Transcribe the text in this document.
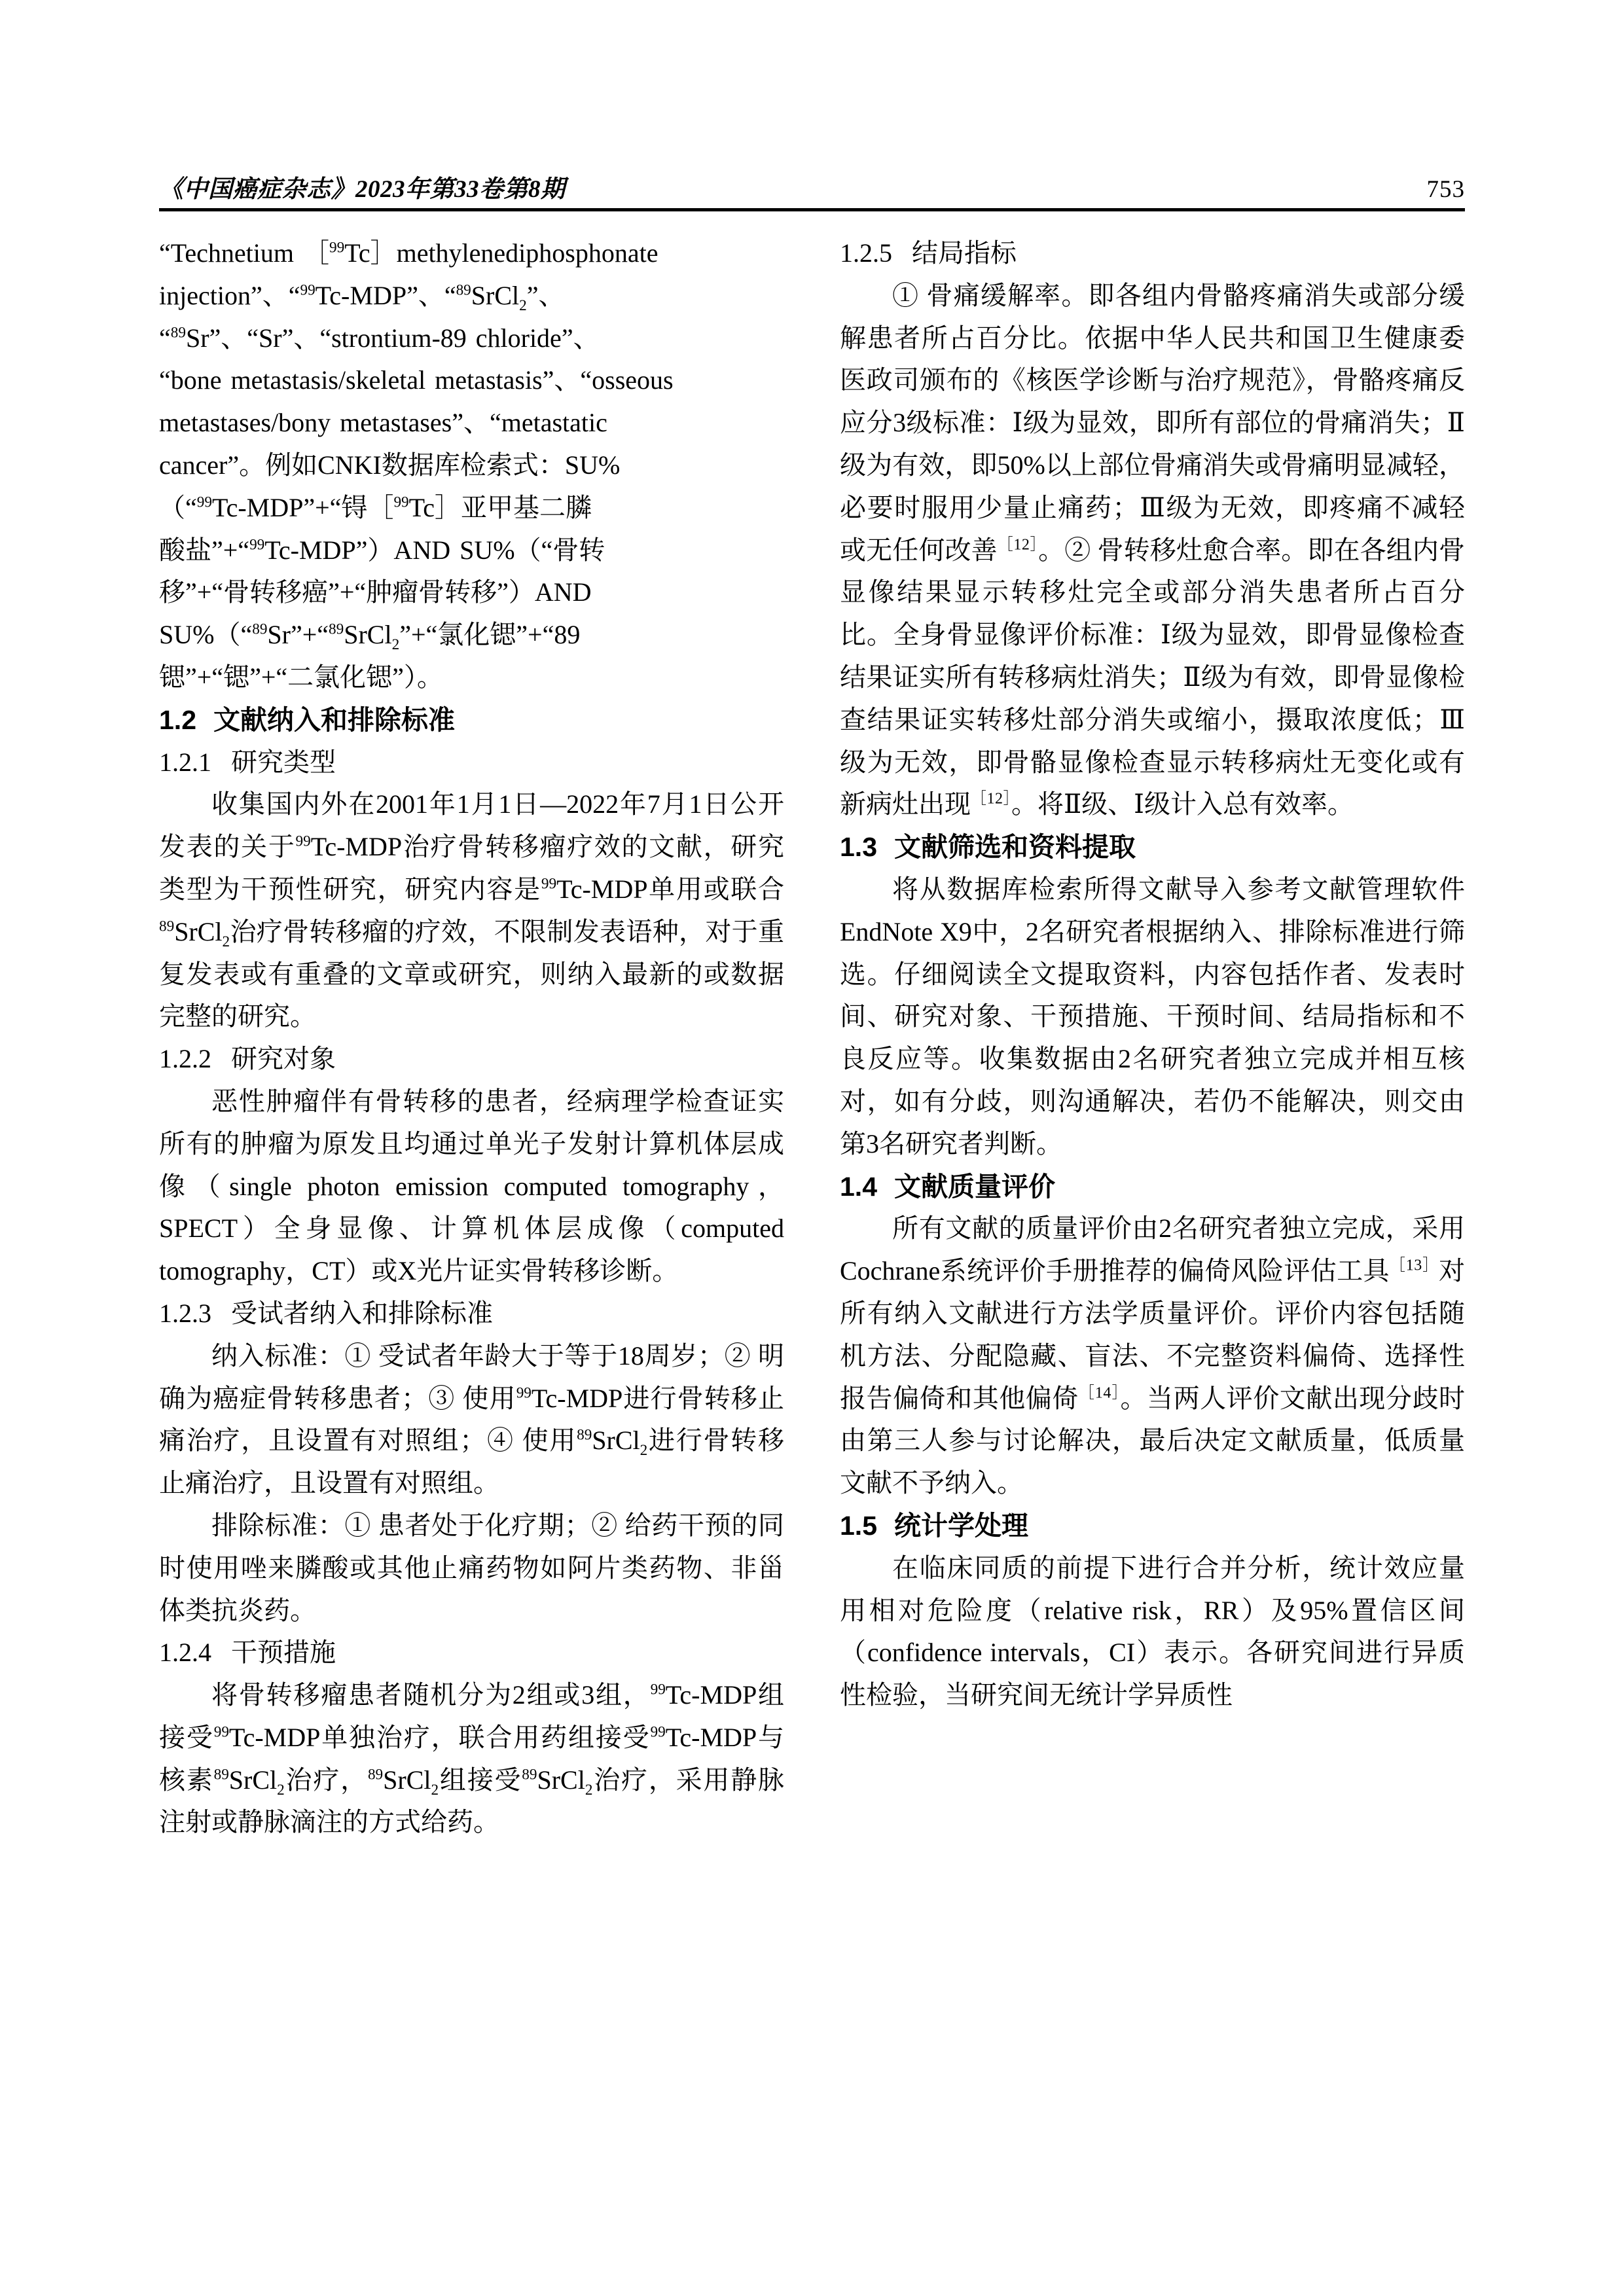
《中国癌症杂志》2023年第33卷第8期	753

“Technetium ［$^{99}$Tc］methylenediphosphonate
injection”、“$^{99}$Tc-MDP”、“$^{89}$SrCl$_2$”、
“$^{89}$Sr”、“Sr”、“strontium-89 chloride”、
“bone metastasis/skeletal metastasis”、“osseous
metastases/bony metastases”、“metastatic
cancer”。例如CNKI数据库检索式：SU%
（“$^{99}$Tc-MDP”+“锝［$^{99}$Tc］亚甲基二膦
酸盐”+“$^{99}$Tc-MDP”）AND SU%（“骨转
移”+“骨转移癌”+“肿瘤骨转移”）AND
SU%（“$^{89}$Sr”+“$^{89}$SrCl$_2$”+“氯化锶”+“89
锶”+“锶”+“二氯化锶”）。

1.2 文献纳入和排除标准
1.2.1 研究类型

收集国内外在2001年1月1日—2022年7月1日公开发表的关于$^{99}$Tc-MDP治疗骨转移瘤疗效的文献，研究类型为干预性研究，研究内容是$^{99}$Tc-MDP单用或联合$^{89}$SrCl$_2$治疗骨转移瘤的疗效，不限制发表语种，对于重复发表或有重叠的文章或研究，则纳入最新的或数据完整的研究。

1.2.2 研究对象

恶性肿瘤伴有骨转移的患者，经病理学检查证实所有的肿瘤为原发且均通过单光子发射计算机体层成像（single photon emission computed tomography，SPECT）全身显像、计算机体层成像（computed tomography，CT）或X光片证实骨转移诊断。

1.2.3 受试者纳入和排除标准

纳入标准：① 受试者年龄大于等于18周岁；② 明确为癌症骨转移患者；③ 使用$^{99}$Tc-MDP进行骨转移止痛治疗，且设置有对照组；④ 使用$^{89}$SrCl$_2$进行骨转移止痛治疗，且设置有对照组。

排除标准：① 患者处于化疗期；② 给药干预的同时使用唑来膦酸或其他止痛药物如阿片类药物、非甾体类抗炎药。

1.2.4 干预措施

将骨转移瘤患者随机分为2组或3组，$^{99}$Tc-MDP组接受$^{99}$Tc-MDP单独治疗，联合用药组接受$^{99}$Tc-MDP与核素$^{89}$SrCl$_2$治疗，$^{89}$SrCl$_2$组接受$^{89}$SrCl$_2$治疗，采用静脉注射或静脉滴注的方式给药。

1.2.5 结局指标

① 骨痛缓解率。即各组内骨骼疼痛消失或部分缓解患者所占百分比。依据中华人民共和国卫生健康委医政司颁布的《核医学诊断与治疗规范》，骨骼疼痛反应分3级标准：Ⅰ级为显效，即所有部位的骨痛消失；Ⅱ级为有效，即50%以上部位骨痛消失或骨痛明显减轻，必要时服用少量止痛药；Ⅲ级为无效，即疼痛不减轻或无任何改善$^{[12]}$。② 骨转移灶愈合率。即在各组内骨显像结果显示转移灶完全或部分消失患者所占百分比。全身骨显像评价标准：Ⅰ级为显效，即骨显像检查结果证实所有转移病灶消失；Ⅱ级为有效，即骨显像检查结果证实转移灶部分消失或缩小，摄取浓度低；Ⅲ级为无效，即骨骼显像检查显示转移病灶无变化或有新病灶出现$^{[12]}$。将Ⅱ级、Ⅰ级计入总有效率。

1.3 文献筛选和资料提取

将从数据库检索所得文献导入参考文献管理软件EndNote X9中，2名研究者根据纳入、排除标准进行筛选。仔细阅读全文提取资料，内容包括作者、发表时间、研究对象、干预措施、干预时间、结局指标和不良反应等。收集数据由2名研究者独立完成并相互核对，如有分歧，则沟通解决，若仍不能解决，则交由第3名研究者判断。

1.4 文献质量评价

所有文献的质量评价由2名研究者独立完成，采用Cochrane系统评价手册推荐的偏倚风险评估工具$^{[13]}$对所有纳入文献进行方法学质量评价。评价内容包括随机方法、分配隐藏、盲法、不完整资料偏倚、选择性报告偏倚和其他偏倚$^{[14]}$。当两人评价文献出现分歧时由第三人参与讨论解决，最后决定文献质量，低质量文献不予纳入。

1.5 统计学处理

在临床同质的前提下进行合并分析，统计效应量用相对危险度（relative risk，RR）及95%置信区间（confidence intervals，CI）表示。各研究间进行异质性检验，当研究间无统计学异质性
